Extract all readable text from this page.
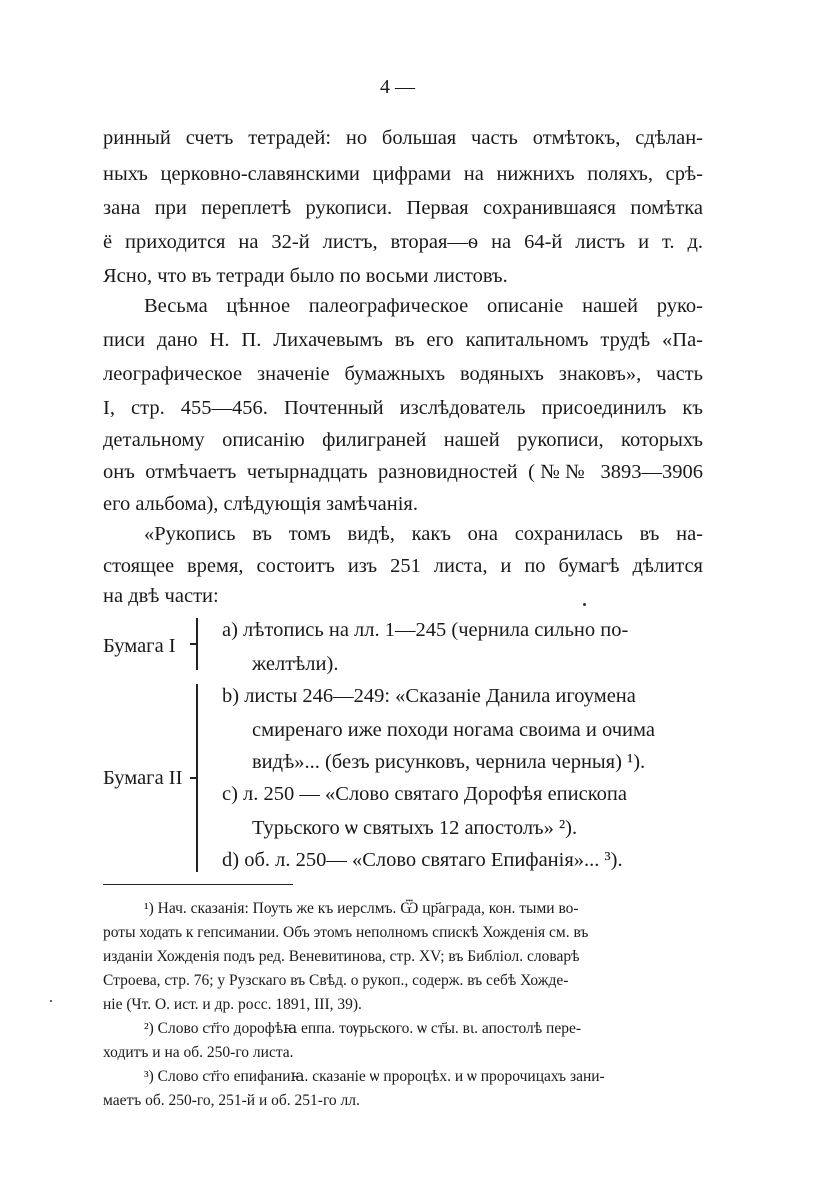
4 —
ринный счетъ тетрадей: но большая часть отмѣтокъ, сдѣлан-
ныхъ церковно-славянскими цифрами на нижнихъ поляхъ, срѣ-
зана при переплетѣ рукописи. Первая сохранившаяся помѣтка
ё приходится на 32-й листъ, вторая—ѳ на 64-й листъ и т. д.
Ясно, что въ тетради было по восьми листовъ.
Весьма цѣнное палеографическое описаніе нашей руко-
писи дано Н. П. Лихачевымъ въ его капитальномъ трудѣ «Па-
леографическое значеніе бумажныхъ водяныхъ знаковъ», часть
I, стр. 455—456. Почтенный изслѣдователь присоединилъ къ
детальному описанію филиграней нашей рукописи, которыхъ
онъ отмѣчаетъ четырнадцать разновидностей (№№ 3893—3906
его альбома), слѣдующія замѣчанія.
«Рукопись въ томъ видѣ, какъ она сохранилась въ на-
стоящее время, состоитъ изъ 251 листа, и по бумагѣ дѣлится
на двѣ части:
Бумага I
a) лѣтопись на лл. 1—245 (чернила сильно по-
желтѣли).
Бумага II
b) листы 246—249: «Сказаніе Данила игоумена
смиренаго иже походи ногама своима и очима
видѣ»... (безъ рисунковъ, чернила черныя) ¹).
c) л. 250 — «Слово святаго Дорофѣя епископа
Турьского ѡ святыхъ 12 апостолъ» ²).
d) об. л. 250— «Слово святаго Епифанія»... ³).
¹) Нач. сказанія: Поуть же къ иерслмъ. Ѿ цр҃аграда, кон. тыми во-
роты ходать к гепсимании. Объ этомъ неполномъ спискѣ Хожденія см. въ
изданіи Хожденія подъ ред. Веневитинова, стр. XV; въ Библіол. словарѣ
Строева, стр. 76; у Рузскаго въ Свѣд. о рукоп., содерж. въ себѣ Хожде-
ніе (Чт. О. ист. и др. росс. 1891, III, 39).
²) Слово ст҃го дорофѣꙗ еппа. тѹрьского. ѡ ст҃ы. вι. апостолѣ пере-
ходитъ и на об. 250-го листа.
³) Слово ст҃го епифаниꙗ. сказаніе ѡ пророцѣх. и ѡ пророчицахъ зани-
маетъ об. 250-го, 251-й и об. 251-го лл.
